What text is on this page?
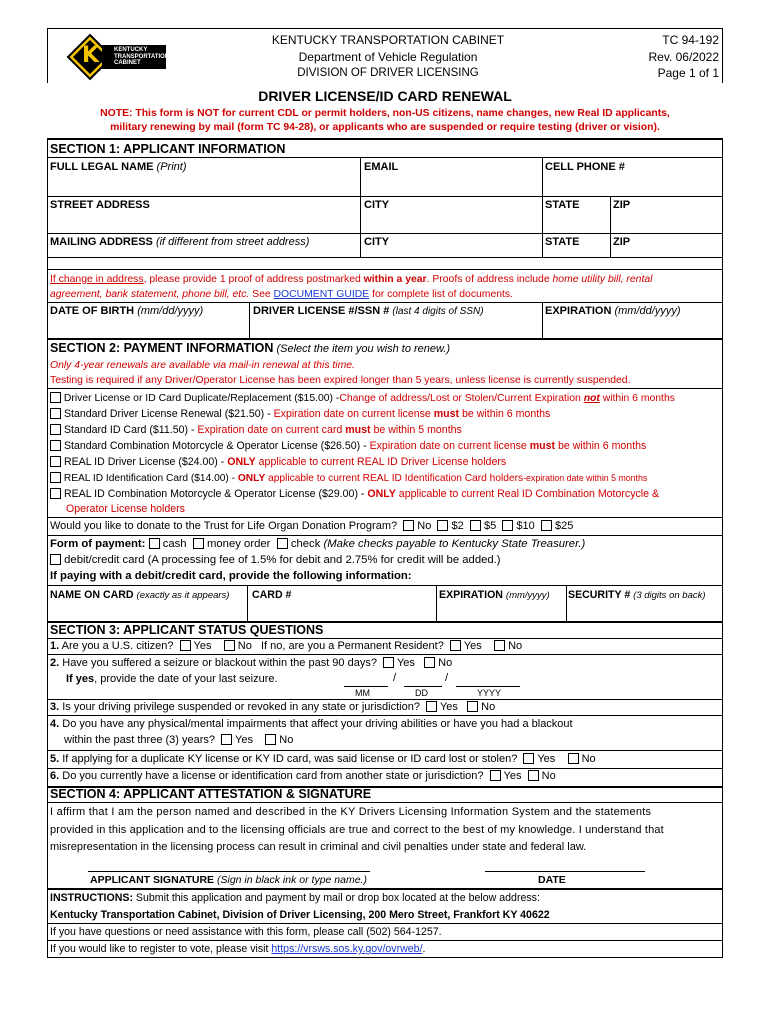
K KENTUCKY TRANSPORTATION CABINET
KENTUCKY TRANSPORTATION CABINET
Department of Vehicle Regulation
DIVISION OF DRIVER LICENSING
TC 94-192
Rev. 06/2022
Page 1 of 1
DRIVER LICENSE/ID CARD RENEWAL
NOTE: This form is NOT for current CDL or permit holders, non-US citizens, name changes, new Real ID applicants,
military renewing by mail (form TC 94-28), or applicants who are suspended or require testing (driver or vision).
SECTION 1: APPLICANT INFORMATION
FULL LEGAL NAME (Print)	EMAIL	CELL PHONE #
STREET ADDRESS	CITY	STATE	ZIP
MAILING ADDRESS (if different from street address)	CITY	STATE	ZIP
If change in address, please provide 1 proof of address postmarked within a year. Proofs of address include home utility bill, rental
agreement, bank statement, phone bill, etc. See DOCUMENT GUIDE for complete list of documents.
DATE OF BIRTH (mm/dd/yyyy)	DRIVER LICENSE #/SSN # (last 4 digits of SSN)	EXPIRATION (mm/dd/yyyy)
SECTION 2: PAYMENT INFORMATION (Select the item you wish to renew.)
Only 4-year renewals are available via mail-in renewal at this time.
Testing is required if any Driver/Operator License has been expired longer than 5 years, unless license is currently suspended.
Driver License or ID Card Duplicate/Replacement ($15.00) -Change of address/Lost or Stolen/Current Expiration not within 6 months
Standard Driver License Renewal ($21.50) - Expiration date on current license must be within 6 months
Standard ID Card ($11.50) - Expiration date on current card must be within 5 months
Standard Combination Motorcycle & Operator License ($26.50) - Expiration date on current license must be within 6 months
REAL ID Driver License ($24.00) - ONLY applicable to current REAL ID Driver License holders
REAL ID Identification Card ($14.00) - ONLY applicable to current REAL ID Identification Card holders-expiration date within 5 months
REAL ID Combination Motorcycle & Operator License ($29.00) - ONLY applicable to current Real ID Combination Motorcycle &
Operator License holders
Would you like to donate to the Trust for Life Organ Donation Program? No $2 $5 $10 $25
Form of payment: cash money order check (Make checks payable to Kentucky State Treasurer.)
debit/credit card (A processing fee of 1.5% for debit and 2.75% for credit will be added.)
If paying with a debit/credit card, provide the following information:
NAME ON CARD (exactly as it appears) CARD #	EXPIRATION (mm/yyyy) SECURITY # (3 digits on back)
SECTION 3: APPLICANT STATUS QUESTIONS
1. Are you a U.S. citizen? Yes No If no, are you a Permanent Resident? Yes No
2. Have you suffered a seizure or blackout within the past 90 days? Yes No
If yes, provide the date of your last seizure.	/	/
MM	DD	YYYY
3. Is your driving privilege suspended or revoked in any state or jurisdiction? Yes No
4. Do you have any physical/mental impairments that affect your driving abilities or have you had a blackout
within the past three (3) years? Yes No
5. If applying for a duplicate KY license or KY ID card, was said license or ID card lost or stolen? Yes No
6. Do you currently have a license or identification card from another state or jurisdiction? Yes No
SECTION 4: APPLICANT ATTESTATION & SIGNATURE
I affirm that I am the person named and described in the KY Drivers Licensing Information System and the statements
provided in this application and to the licensing officials are true and correct to the best of my knowledge. I understand that
misrepresentation in the licensing process can result in criminal and civil penalties under state and federal law.
APPLICANT SIGNATURE (Sign in black ink or type name.)	DATE
INSTRUCTIONS: Submit this application and payment by mail or drop box located at the below address:
Kentucky Transportation Cabinet, Division of Driver Licensing, 200 Mero Street, Frankfort KY 40622
If you have questions or need assistance with this form, please call (502) 564-1257.
If you would like to register to vote, please visit https://vrsws.sos.ky.gov/ovrweb/.
